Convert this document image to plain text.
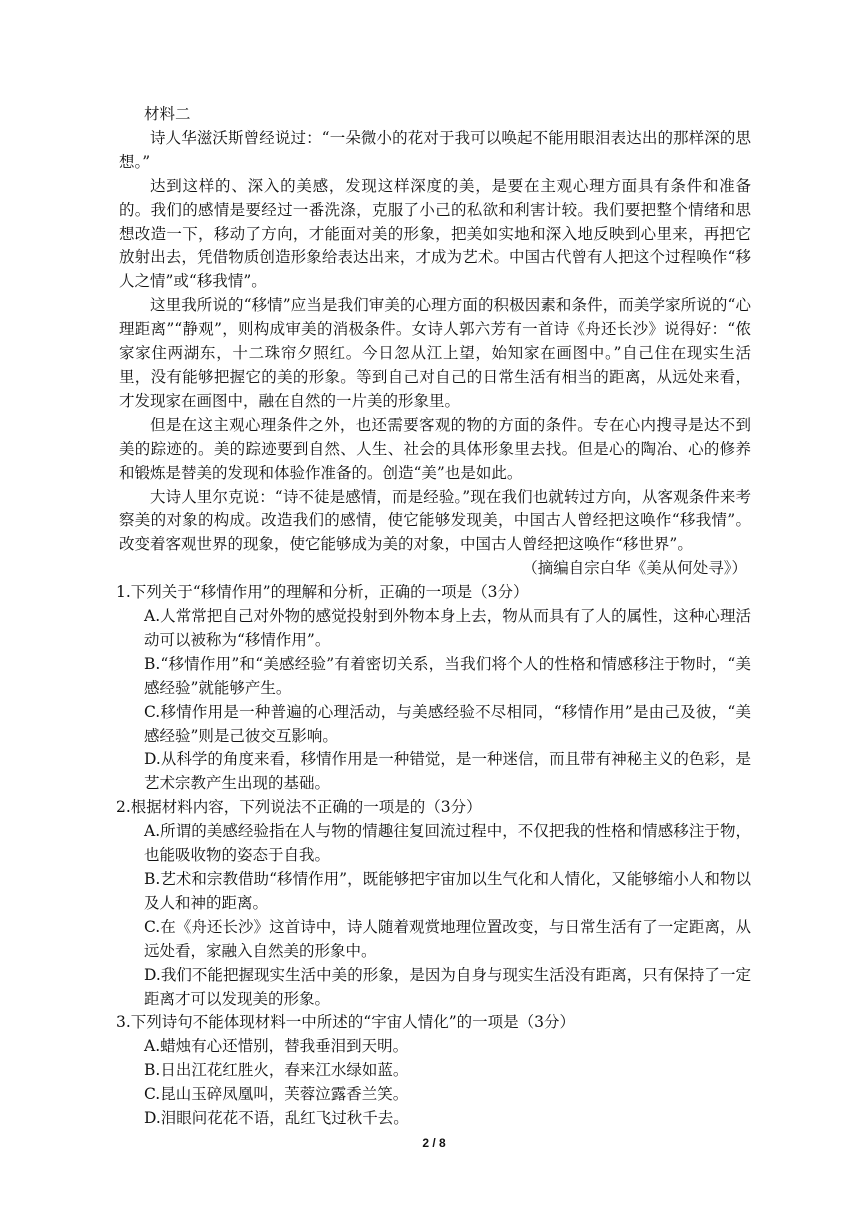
材料二

诗人华滋沃斯曾经说过：“一朵微小的花对于我可以唤起不能用眼泪表达出的那样深的思想。”

达到这样的、深入的美感，发现这样深度的美，是要在主观心理方面具有条件和准备的。我们的感情是要经过一番洗涤，克服了小己的私欲和利害计较。我们要把整个情绪和思想改造一下，移动了方向，才能面对美的形象，把美如实地和深入地反映到心里来，再把它放射出去，凭借物质创造形象给表达出来，才成为艺术。中国古代曾有人把这个过程唤作“移人之情”或“移我情”。

这里我所说的“移情”应当是我们审美的心理方面的积极因素和条件，而美学家所说的“心理距离”“静观”，则构成审美的消极条件。女诗人郭六芳有一首诗《舟还长沙》说得好：“侬家家住两湖东，十二珠帘夕照红。今日忽从江上望，始知家在画图中。”自己住在现实生活里，没有能够把握它的美的形象。等到自己对自己的日常生活有相当的距离，从远处来看，才发现家在画图中，融在自然的一片美的形象里。

但是在这主观心理条件之外，也还需要客观的物的方面的条件。专在心内搜寻是达不到美的踪迹的。美的踪迹要到自然、人生、社会的具体形象里去找。但是心的陶冶、心的修养和锻炼是替美的发现和体验作准备的。创造“美”也是如此。

大诗人里尔克说：“诗不徒是感情，而是经验。”现在我们也就转过方向，从客观条件来考察美的对象的构成。改造我们的感情，使它能够发现美，中国古人曾经把这唤作“移我情”。改变着客观世界的现象，使它能够成为美的对象，中国古人曾经把这唤作“移世界”。

（摘编自宗白华《美从何处寻》）

1.下列关于“移情作用”的理解和分析，正确的一项是（3分）

A.人常常把自己对外物的感觉投射到外物本身上去，物从而具有了人的属性，这种心理活动可以被称为“移情作用”。

B.“移情作用”和“美感经验”有着密切关系，当我们将个人的性格和情感移注于物时，“美感经验”就能够产生。

C.移情作用是一种普遍的心理活动，与美感经验不尽相同，“移情作用”是由己及彼，“美感经验”则是己彼交互影响。

D.从科学的角度来看，移情作用是一种错觉，是一种迷信，而且带有神秘主义的色彩，是艺术宗教产生出现的基础。

2.根据材料内容，下列说法不正确的一项是的（3分）

A.所谓的美感经验指在人与物的情趣往复回流过程中，不仅把我的性格和情感移注于物，也能吸收物的姿态于自我。

B.艺术和宗教借助“移情作用”，既能够把宇宙加以生气化和人情化，又能够缩小人和物以及人和神的距离。

C.在《舟还长沙》这首诗中，诗人随着观赏地理位置改变，与日常生活有了一定距离，从远处看，家融入自然美的形象中。

D.我们不能把握现实生活中美的形象，是因为自身与现实生活没有距离，只有保持了一定距离才可以发现美的形象。

3.下列诗句不能体现材料一中所述的“宇宙人情化”的一项是（3分）

A.蜡烛有心还惜别，替我垂泪到天明。

B.日出江花红胜火，春来江水绿如蓝。

C.昆山玉碎凤凰叫，芙蓉泣露香兰笑。

D.泪眼问花花不语，乱红飞过秋千去。

2 / 8
